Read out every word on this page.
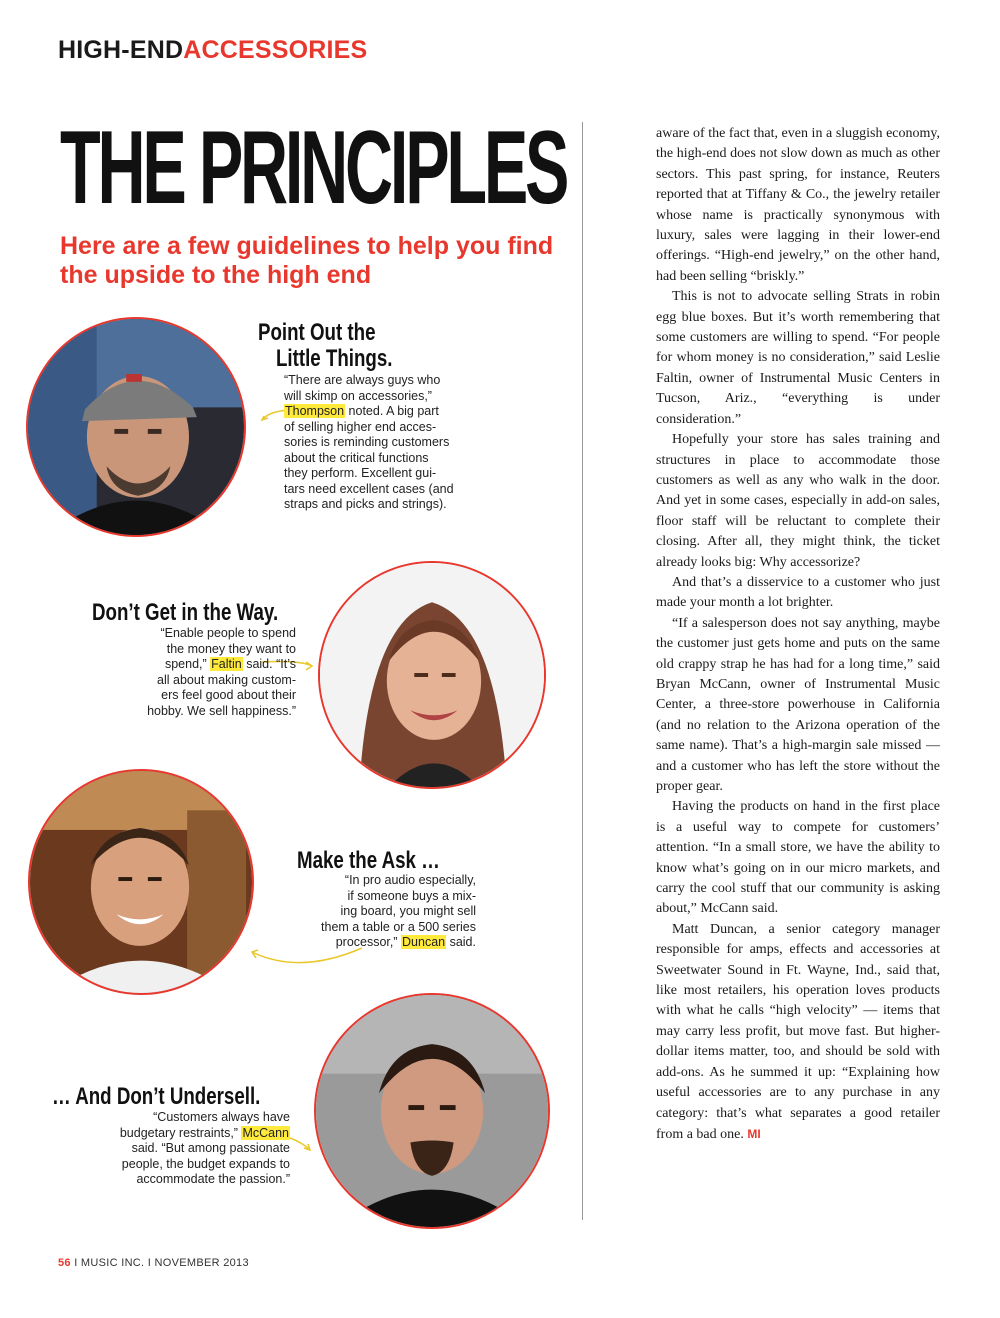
HIGH-ENDACCESSORIES
THE PRINCIPLES
Here are a few guidelines to help you find the upside to the high end
Point Out the
Little Things.
“There are always guys who
will skimp on accessories,”
Thompson noted. A big part
of selling higher end acces-
sories is reminding customers
about the critical functions
they perform. Excellent gui-
tars need excellent cases (and
straps and picks and strings).
Don’t Get in the Way.
“Enable people to spend
the money they want to
spend,” Faltin said. “It’s
all about making custom-
ers feel good about their
hobby. We sell happiness.”
Make the Ask …
“In pro audio especially,
if someone buys a mix-
ing board, you might sell
them a table or a 500 series
processor,” Duncan said.
… And Don’t Undersell.
“Customers always have
budgetary restraints,” McCann
said. “But among passionate
people, the budget expands to
accommodate the passion.”

aware of the fact that, even in a sluggish economy, the high-end does not slow down as much as other sectors. This past spring, for instance, Reuters reported that at Tiffany & Co., the jewelry retailer whose name is practically synonymous with luxury, sales were lagging in their lower-end offerings. “High-end jewelry,” on the other hand, had been selling “briskly.”

This is not to advocate selling Strats in robin egg blue boxes. But it’s worth remembering that some customers are willing to spend. “For people for whom money is no consideration,” said Leslie Faltin, owner of Instrumental Music Centers in Tucson, Ariz., “everything is under consideration.”

Hopefully your store has sales training and structures in place to accommodate those customers as well as any who walk in the door. And yet in some cases, especially in add-on sales, floor staff will be reluctant to complete their closing. After all, they might think, the ticket already looks big: Why accessorize?

And that’s a disservice to a customer who just made your month a lot brighter.

“If a salesperson does not say anything, maybe the customer just gets home and puts on the same old crappy strap he has had for a long time,” said Bryan McCann, owner of Instrumental Music Center, a three-store powerhouse in California (and no relation to the Arizona operation of the same name). That’s a high-margin sale missed — and a customer who has left the store without the proper gear.

Having the products on hand in the first place is a useful way to compete for customers’ attention. “In a small store, we have the ability to know what’s going on in our micro markets, and carry the cool stuff that our community is asking about,” McCann said.

Matt Duncan, a senior category manager responsible for amps, effects and accessories at Sweetwater Sound in Ft. Wayne, Ind., said that, like most retailers, his operation loves products with what he calls “high velocity” — items that may carry less profit, but move fast. But higher-dollar items matter, too, and should be sold with add-ons. As he summed it up: “Explaining how useful accessories are to any purchase in any category: that’s what separates a good retailer from a bad one. MI

56 I MUSIC INC. I NOVEMBER 2013
